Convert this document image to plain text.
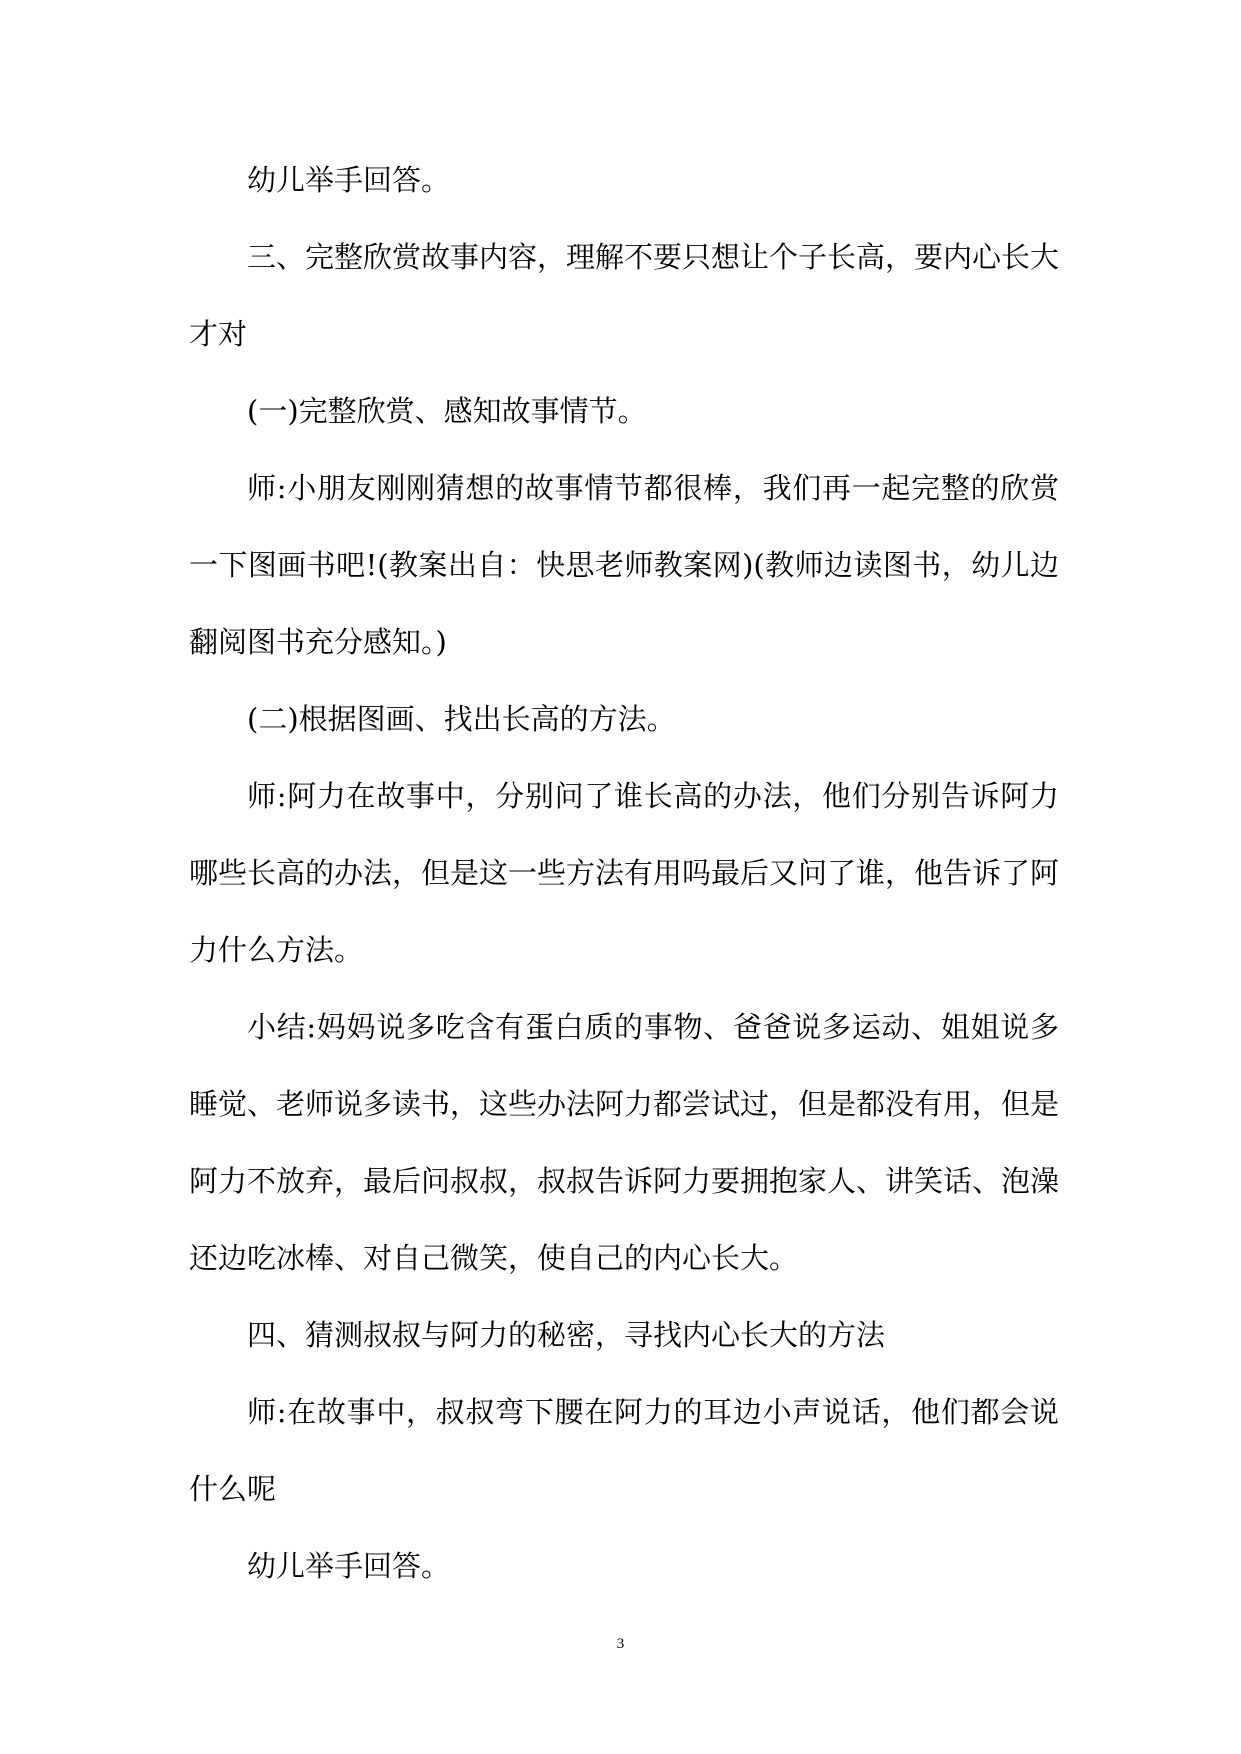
幼儿举手回答。

三、完整欣赏故事内容，理解不要只想让个子长高，要内心长大才对

(一)完整欣赏、感知故事情节。

师:小朋友刚刚猜想的故事情节都很棒，我们再一起完整的欣赏一下图画书吧!(教案出自：快思老师教案网)(教师边读图书，幼儿边翻阅图书充分感知。)

(二)根据图画、找出长高的方法。

师:阿力在故事中，分别问了谁长高的办法，他们分别告诉阿力哪些长高的办法，但是这一些方法有用吗最后又问了谁，他告诉了阿力什么方法。

小结:妈妈说多吃含有蛋白质的事物、爸爸说多运动、姐姐说多睡觉、老师说多读书，这些办法阿力都尝试过，但是都没有用，但是阿力不放弃，最后问叔叔，叔叔告诉阿力要拥抱家人、讲笑话、泡澡还边吃冰棒、对自己微笑，使自己的内心长大。

四、猜测叔叔与阿力的秘密，寻找内心长大的方法

师:在故事中，叔叔弯下腰在阿力的耳边小声说话，他们都会说什么呢

幼儿举手回答。

3
